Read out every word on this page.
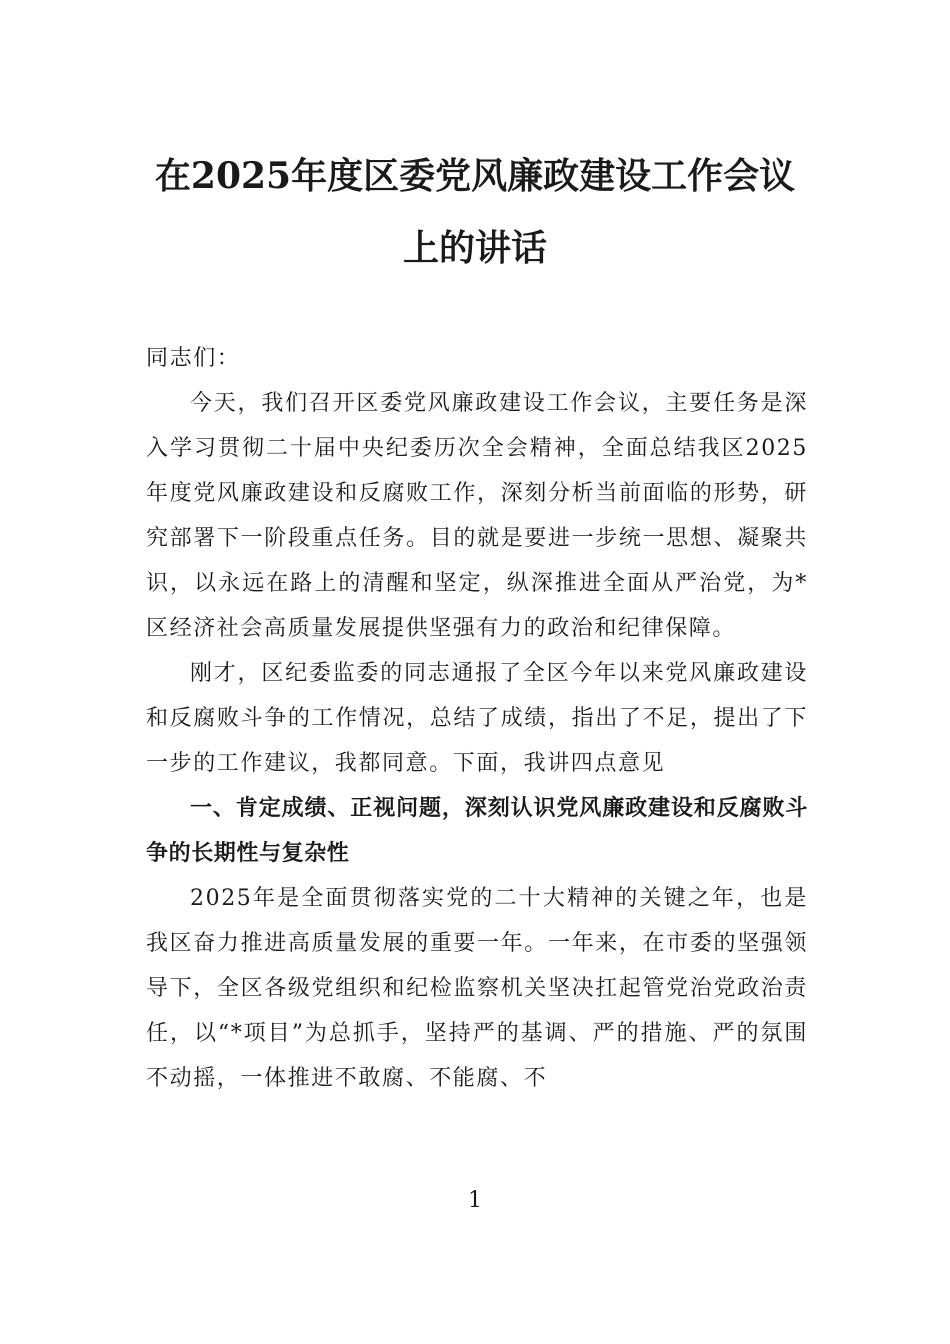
在2025年度区委党风廉政建设工作会议上的讲话

同志们：

今天，我们召开区委党风廉政建设工作会议，主要任务是深入学习贯彻二十届中央纪委历次全会精神，全面总结我区2025年度党风廉政建设和反腐败工作，深刻分析当前面临的形势，研究部署下一阶段重点任务。目的就是要进一步统一思想、凝聚共识，以永远在路上的清醒和坚定，纵深推进全面从严治党，为*区经济社会高质量发展提供坚强有力的政治和纪律保障。

刚才，区纪委监委的同志通报了全区今年以来党风廉政建设和反腐败斗争的工作情况，总结了成绩，指出了不足，提出了下一步的工作建议，我都同意。下面，我讲四点意见

一、肯定成绩、正视问题，深刻认识党风廉政建设和反腐败斗争的长期性与复杂性

2025年是全面贯彻落实党的二十大精神的关键之年，也是我区奋力推进高质量发展的重要一年。一年来，在市委的坚强领导下，全区各级党组织和纪检监察机关坚决扛起管党治党政治责任，以“*项目”为总抓手，坚持严的基调、严的措施、严的氛围不动摇，一体推进不敢腐、不能腐、不

1
